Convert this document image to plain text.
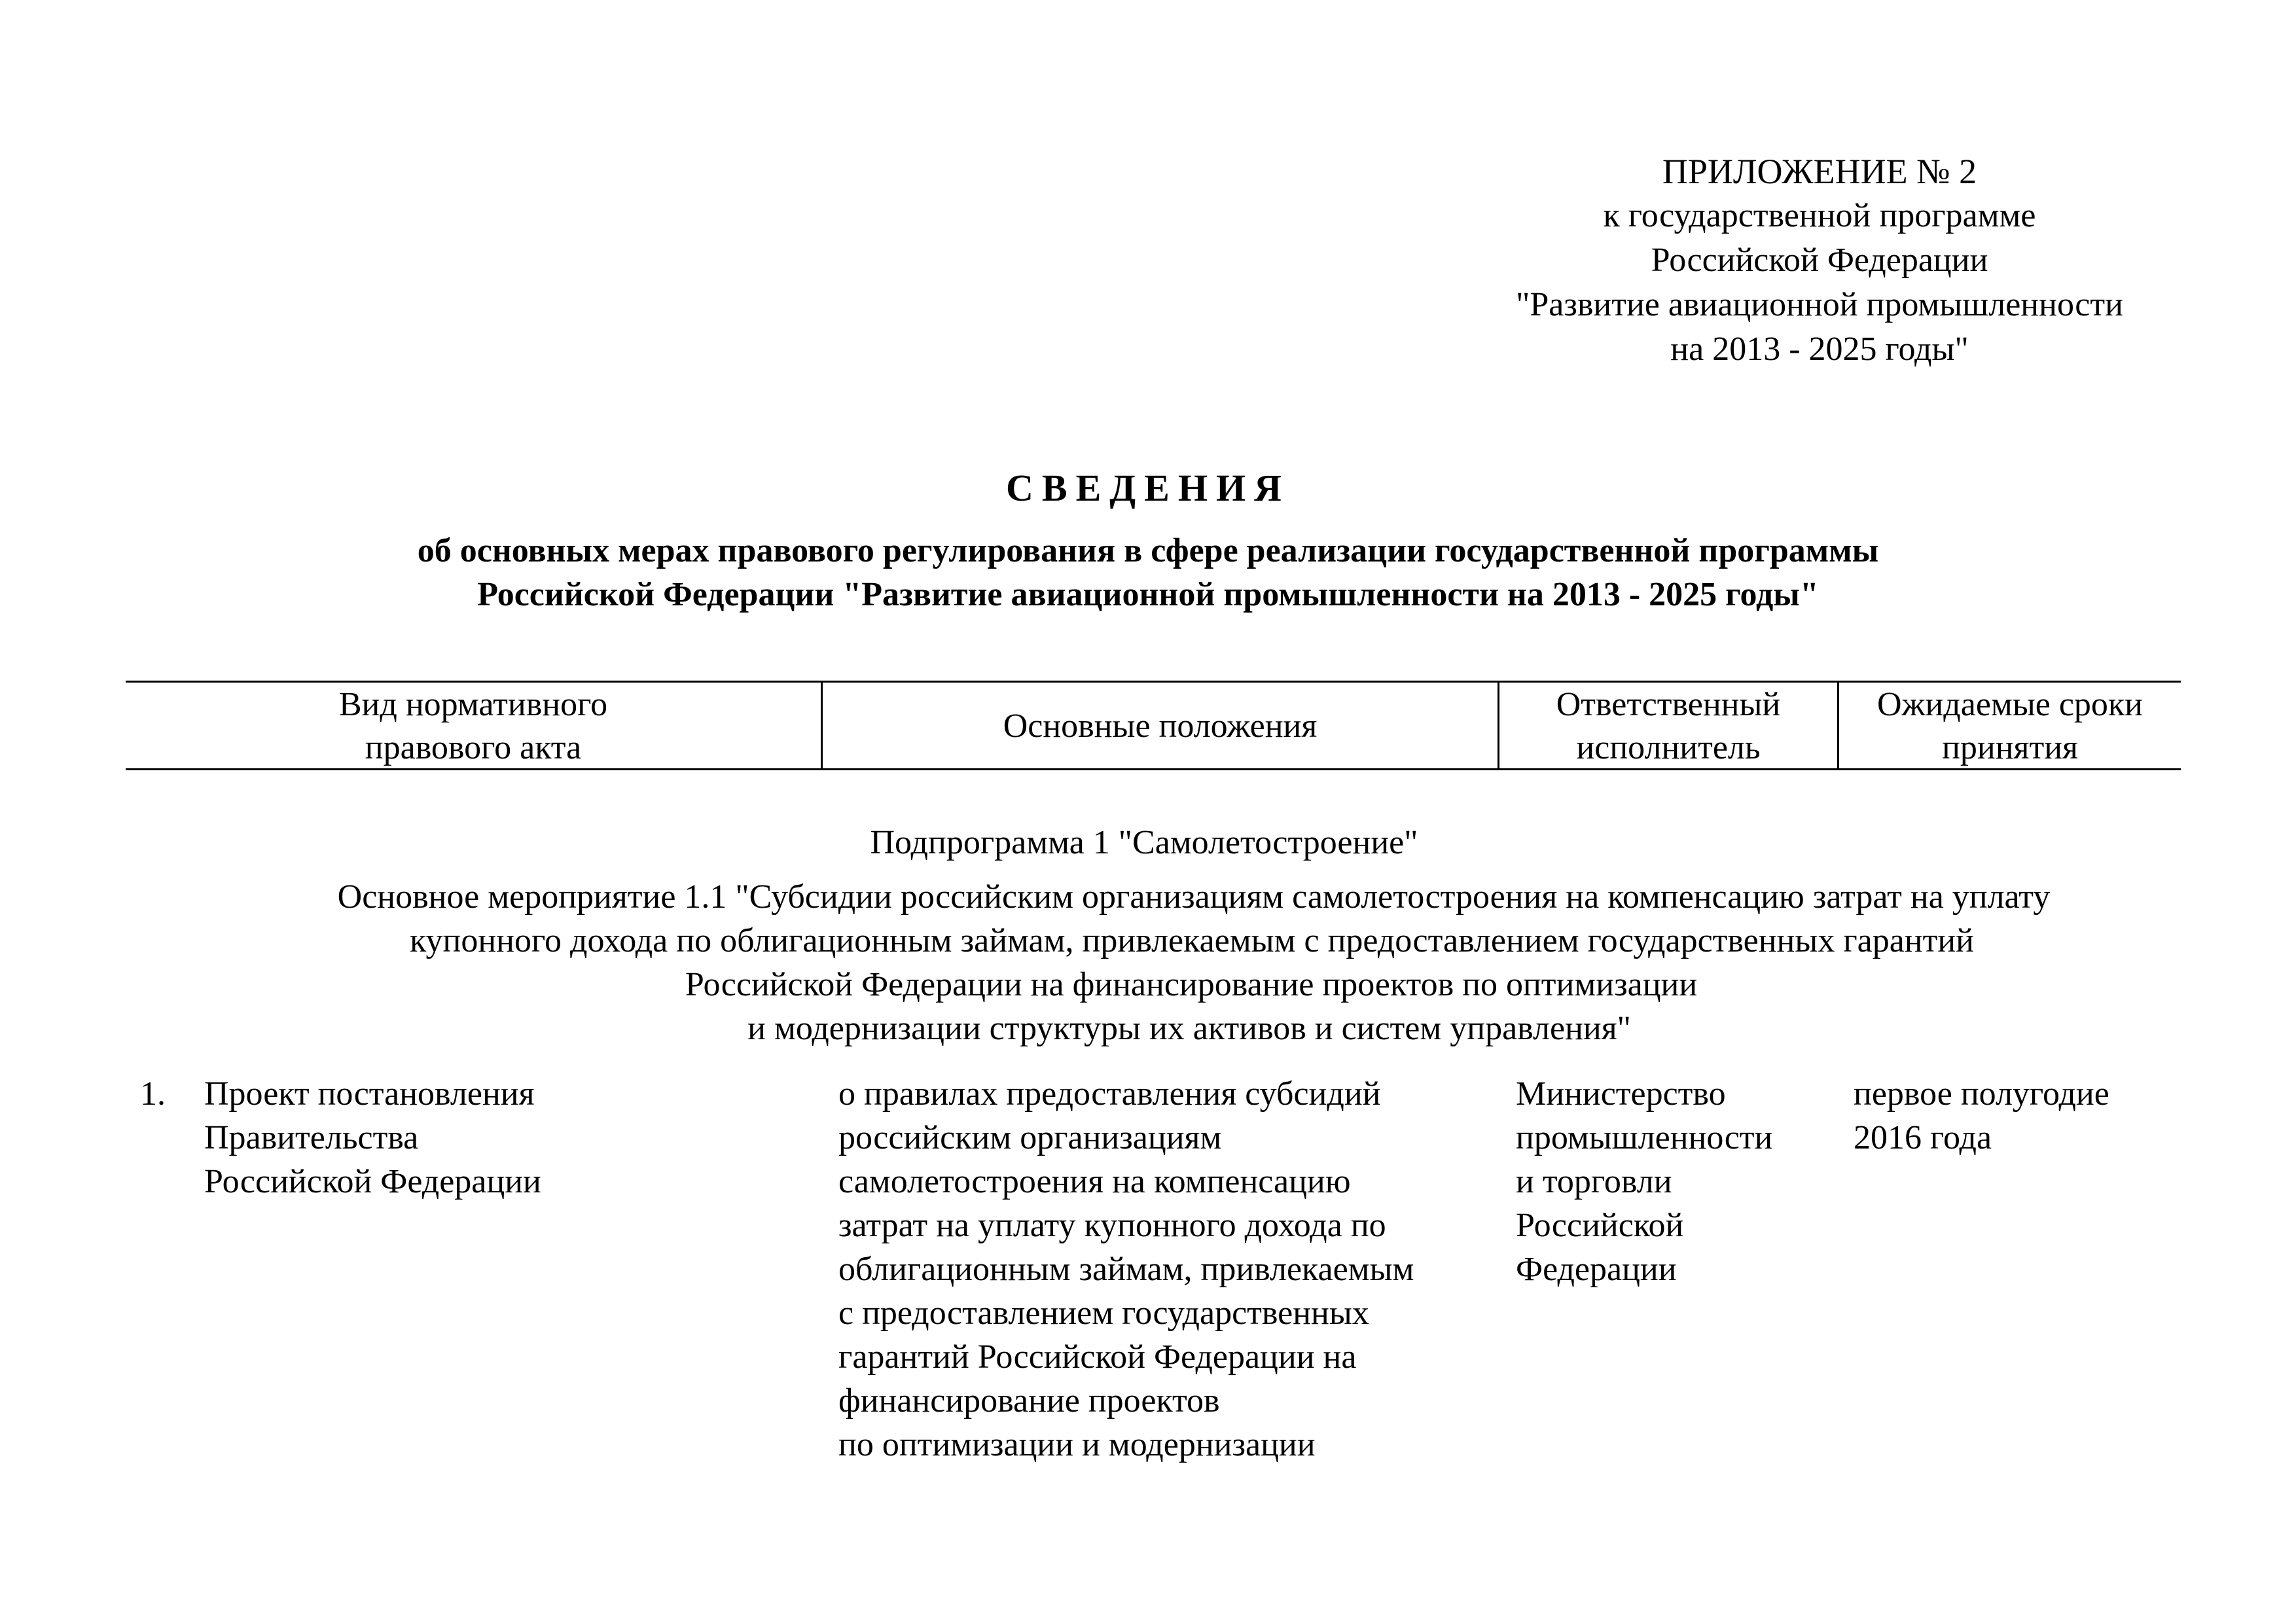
ПРИЛОЖЕНИЕ № 2
к государственной программе
Российской Федерации
"Развитие авиационной промышленности
на 2013 - 2025 годы"
СВЕДЕНИЯ
об основных мерах правового регулирования в сфере реализации государственной программы
Российской Федерации "Развитие авиационной промышленности на 2013 - 2025 годы"
Вид нормативного
правового акта
Основные положения
Ответственный
исполнитель
Ожидаемые сроки
принятия
Подпрограмма 1 "Самолетостроение"
Основное мероприятие 1.1 "Субсидии российским организациям самолетостроения на компенсацию затрат на уплату
купонного дохода по облигационным займам, привлекаемым с предоставлением государственных гарантий
Российской Федерации на финансирование проектов по оптимизации
и модернизации структуры их активов и систем управления"
1. Проект постановления
Правительства
Российской Федерации
о правилах предоставления субсидий
российским организациям
самолетостроения на компенсацию
затрат на уплату купонного дохода по
облигационным займам, привлекаемым
с предоставлением государственных
гарантий Российской Федерации на
финансирование проектов
по оптимизации и модернизации
Министерство
промышленности
и торговли
Российской
Федерации
первое полугодие
2016 года
